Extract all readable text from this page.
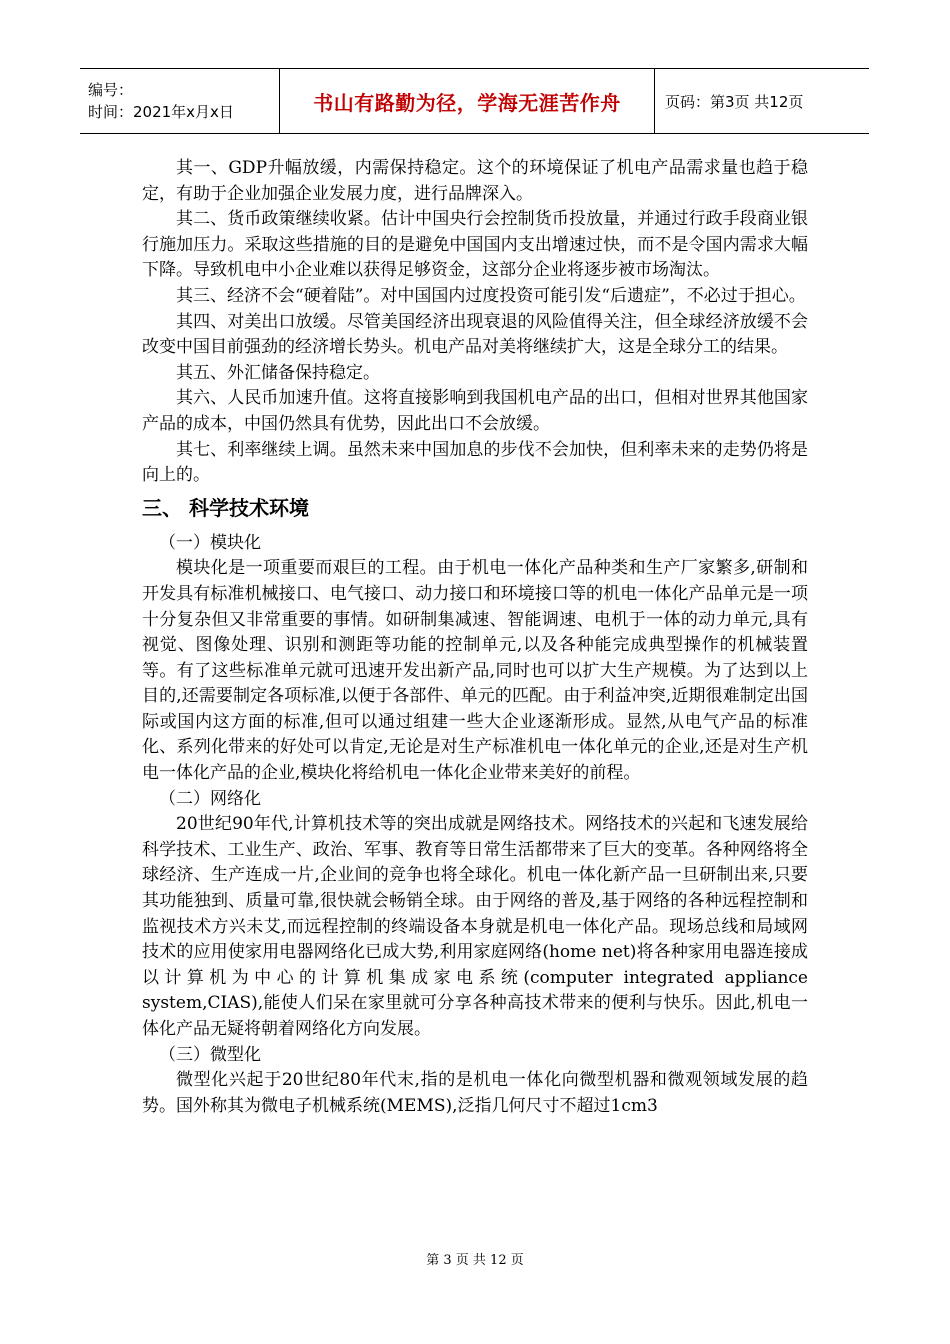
编号：
时间：2021年x月x日	书山有路勤为径，学海无涯苦作舟	页码：第3页 共12页

其一、GDP升幅放缓，内需保持稳定。这个的环境保证了机电产品需求量也趋于稳定，有助于企业加强企业发展力度，进行品牌深入。

其二、货币政策继续收紧。估计中国央行会控制货币投放量，并通过行政手段商业银行施加压力。采取这些措施的目的是避免中国国内支出增速过快，而不是令国内需求大幅下降。导致机电中小企业难以获得足够资金，这部分企业将逐步被市场淘汰。

其三、经济不会“硬着陆”。对中国国内过度投资可能引发“后遗症”，不必过于担心。

其四、对美出口放缓。尽管美国经济出现衰退的风险值得关注，但全球经济放缓不会改变中国目前强劲的经济增长势头。机电产品对美将继续扩大，这是全球分工的结果。

其五、外汇储备保持稳定。

其六、人民币加速升值。这将直接影响到我国机电产品的出口，但相对世界其他国家产品的成本，中国仍然具有优势，因此出口不会放缓。

其七、利率继续上调。虽然未来中国加息的步伐不会加快，但利率未来的走势仍将是向上的。

三、 科学技术环境

（一）模块化

模块化是一项重要而艰巨的工程。由于机电一体化产品种类和生产厂家繁多,研制和开发具有标准机械接口、电气接口、动力接口和环境接口等的机电一体化产品单元是一项十分复杂但又非常重要的事情。如研制集减速、智能调速、电机于一体的动力单元,具有视觉、图像处理、识别和测距等功能的控制单元,以及各种能完成典型操作的机械装置等。有了这些标准单元就可迅速开发出新产品,同时也可以扩大生产规模。为了达到以上目的,还需要制定各项标准,以便于各部件、单元的匹配。由于利益冲突,近期很难制定出国际或国内这方面的标准,但可以通过组建一些大企业逐渐形成。显然,从电气产品的标准化、系列化带来的好处可以肯定,无论是对生产标准机电一体化单元的企业,还是对生产机电一体化产品的企业,模块化将给机电一体化企业带来美好的前程。

（二）网络化

20世纪90年代,计算机技术等的突出成就是网络技术。网络技术的兴起和飞速发展给科学技术、工业生产、政治、军事、教育等日常生活都带来了巨大的变革。各种网络将全球经济、生产连成一片,企业间的竞争也将全球化。机电一体化新产品一旦研制出来,只要其功能独到、质量可靠,很快就会畅销全球。由于网络的普及,基于网络的各种远程控制和监视技术方兴未艾,而远程控制的终端设备本身就是机电一体化产品。现场总线和局域网技术的应用使家用电器网络化已成大势,利用家庭网络(home net)将各种家用电器连接成以计算机为中心的计算机集成家电系统(computer integrated appliance system,CIAS),能使人们呆在家里就可分享各种高技术带来的便利与快乐。因此,机电一体化产品无疑将朝着网络化方向发展。

（三）微型化

微型化兴起于20世纪80年代末,指的是机电一体化向微型机器和微观领域发展的趋势。国外称其为微电子机械系统(MEMS),泛指几何尺寸不超过1cm3

第 3 页 共 12 页
